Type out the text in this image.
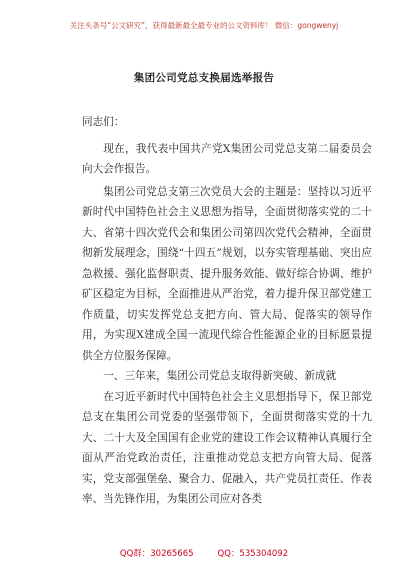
关注头条号“公文研究”，获得最新最全最专业的公文资料库！ 微信：gongwenyj
集团公司党总支换届选举报告

同志们：

现在，我代表中国共产党X集团公司党总支第二届委员会向大会作报告。

集团公司党总支第三次党员大会的主题是：坚持以习近平新时代中国特色社会主义思想为指导，全面贯彻落实党的二十大、省第十四次党代会和集团公司第四次党代会精神，全面贯彻新发展理念，围绕“十四五”规划，以夯实管理基础、突出应急救援、强化监督职责、提升服务效能、做好综合协调、维护矿区稳定为目标，全面推进从严治党，着力提升保卫部党建工作质量，切实发挥党总支把方向、管大局、促落实的领导作用，为实现X建成全国一流现代综合性能源企业的目标愿景提供全方位服务保障。

一、三年来，集团公司党总支取得新突破、新成就

在习近平新时代中国特色社会主义思想指导下，保卫部党总支在集团公司党委的坚强带领下，全面贯彻落实党的十九大、二十大及全国国有企业党的建设工作会议精神认真履行全面从严治党政治责任，注重推动党总支把方向管大局、促落实，党支部强堡垒、聚合力、促融入，共产党员扛责任、作表率、当先锋作用，为集团公司应对各类

QQ群：30265665	QQ：535304092
